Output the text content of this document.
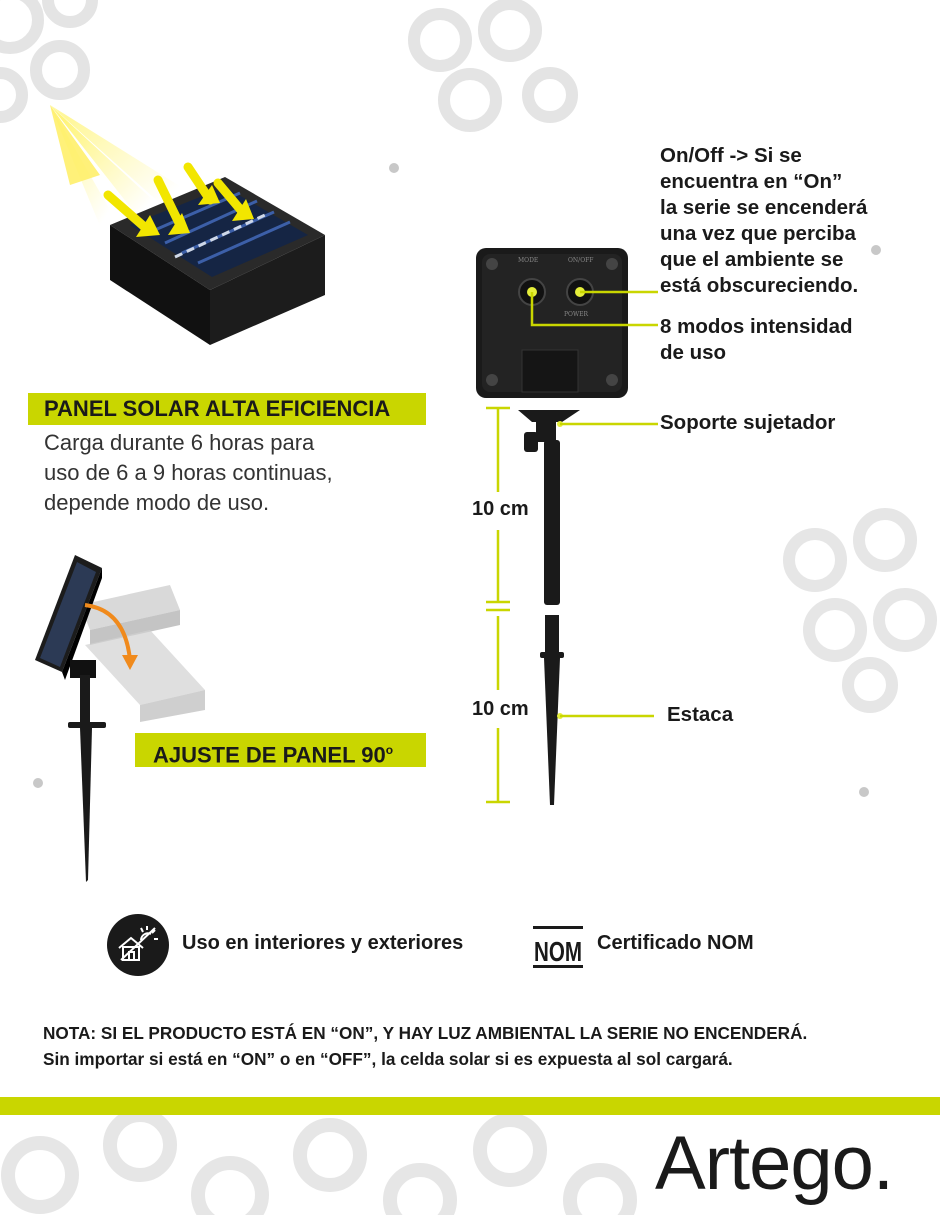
PANEL SOLAR ALTA EFICIENCIA
Carga durante 6 horas para
uso de 6 a 9 horas continuas,
depende modo de uso.
AJUSTE DE PANEL 90$^o$
MODE	ON/OFF
POWER
10 cm
10 cm
On/Off -> Si se
encuentra en “On”
la serie se encenderá
una vez que perciba
que el ambiente se
está obscureciendo.
8 modos intensidad
de uso
Soporte sujetador
Estaca
Uso en interiores y exteriores	NOM Certificado NOM
NOTA: SI EL PRODUCTO ESTÁ EN “ON”, Y HAY LUZ AMBIENTAL LA SERIE NO ENCENDERÁ.
Sin importar si está en “ON” o en “OFF”, la celda solar si es expuesta al sol cargará.
Artego.
